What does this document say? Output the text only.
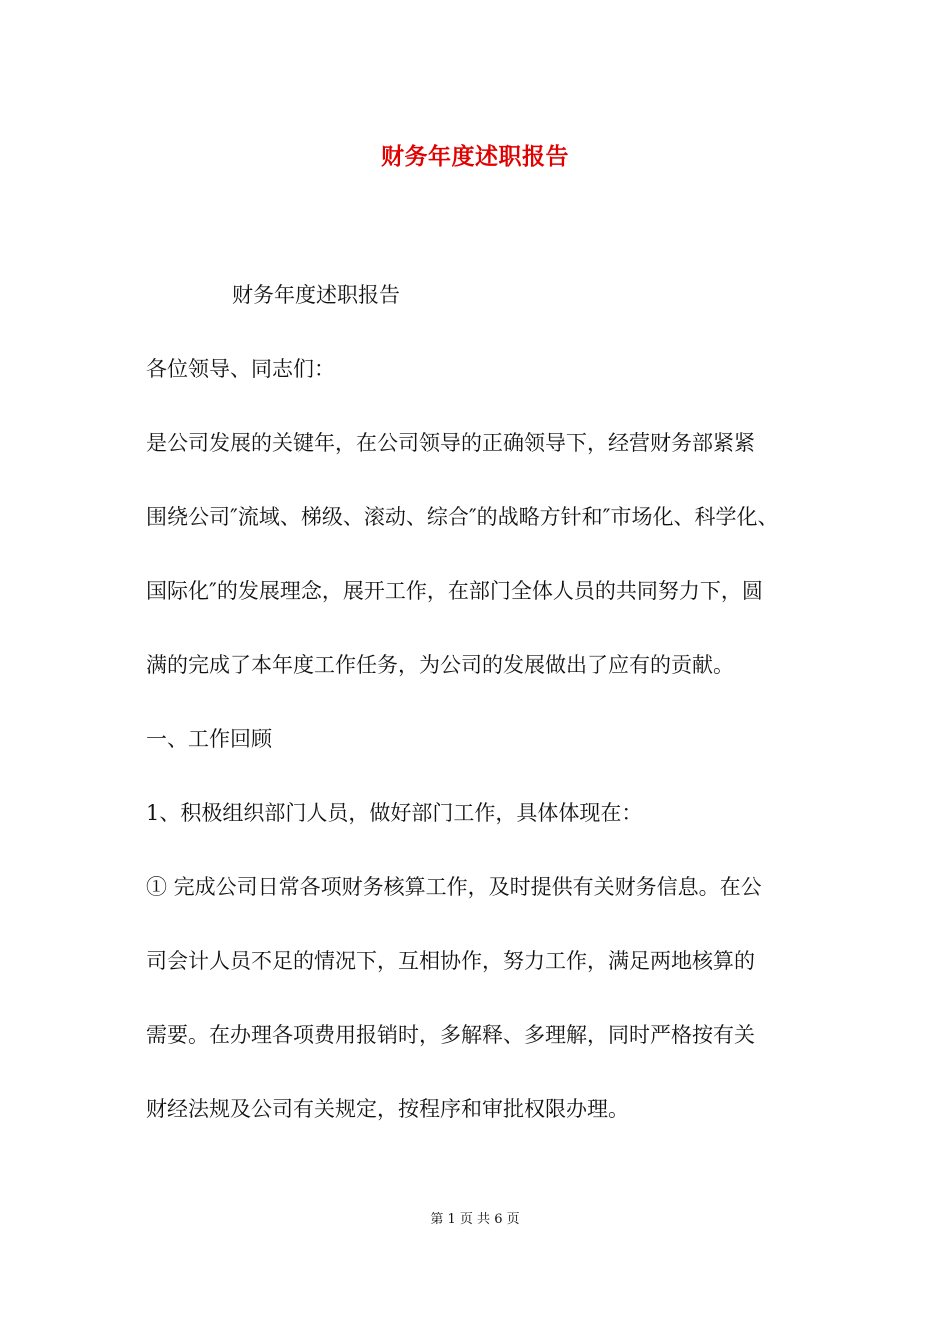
财务年度述职报告
财务年度述职报告
各位领导、同志们：
是公司发展的关键年，在公司领导的正确领导下，经营财务部紧紧
围绕公司″流域、梯级、滚动、综合″的战略方针和″市场化、科学化、
国际化″的发展理念，展开工作，在部门全体人员的共同努力下，圆
满的完成了本年度工作任务，为公司的发展做出了应有的贡献。
一、工作回顾
1、积极组织部门人员，做好部门工作，具体体现在：
① 完成公司日常各项财务核算工作，及时提供有关财务信息。在公
司会计人员不足的情况下，互相协作，努力工作，满足两地核算的
需要。在办理各项费用报销时，多解释、多理解，同时严格按有关
财经法规及公司有关规定，按程序和审批权限办理。
第 1 页 共 6 页
